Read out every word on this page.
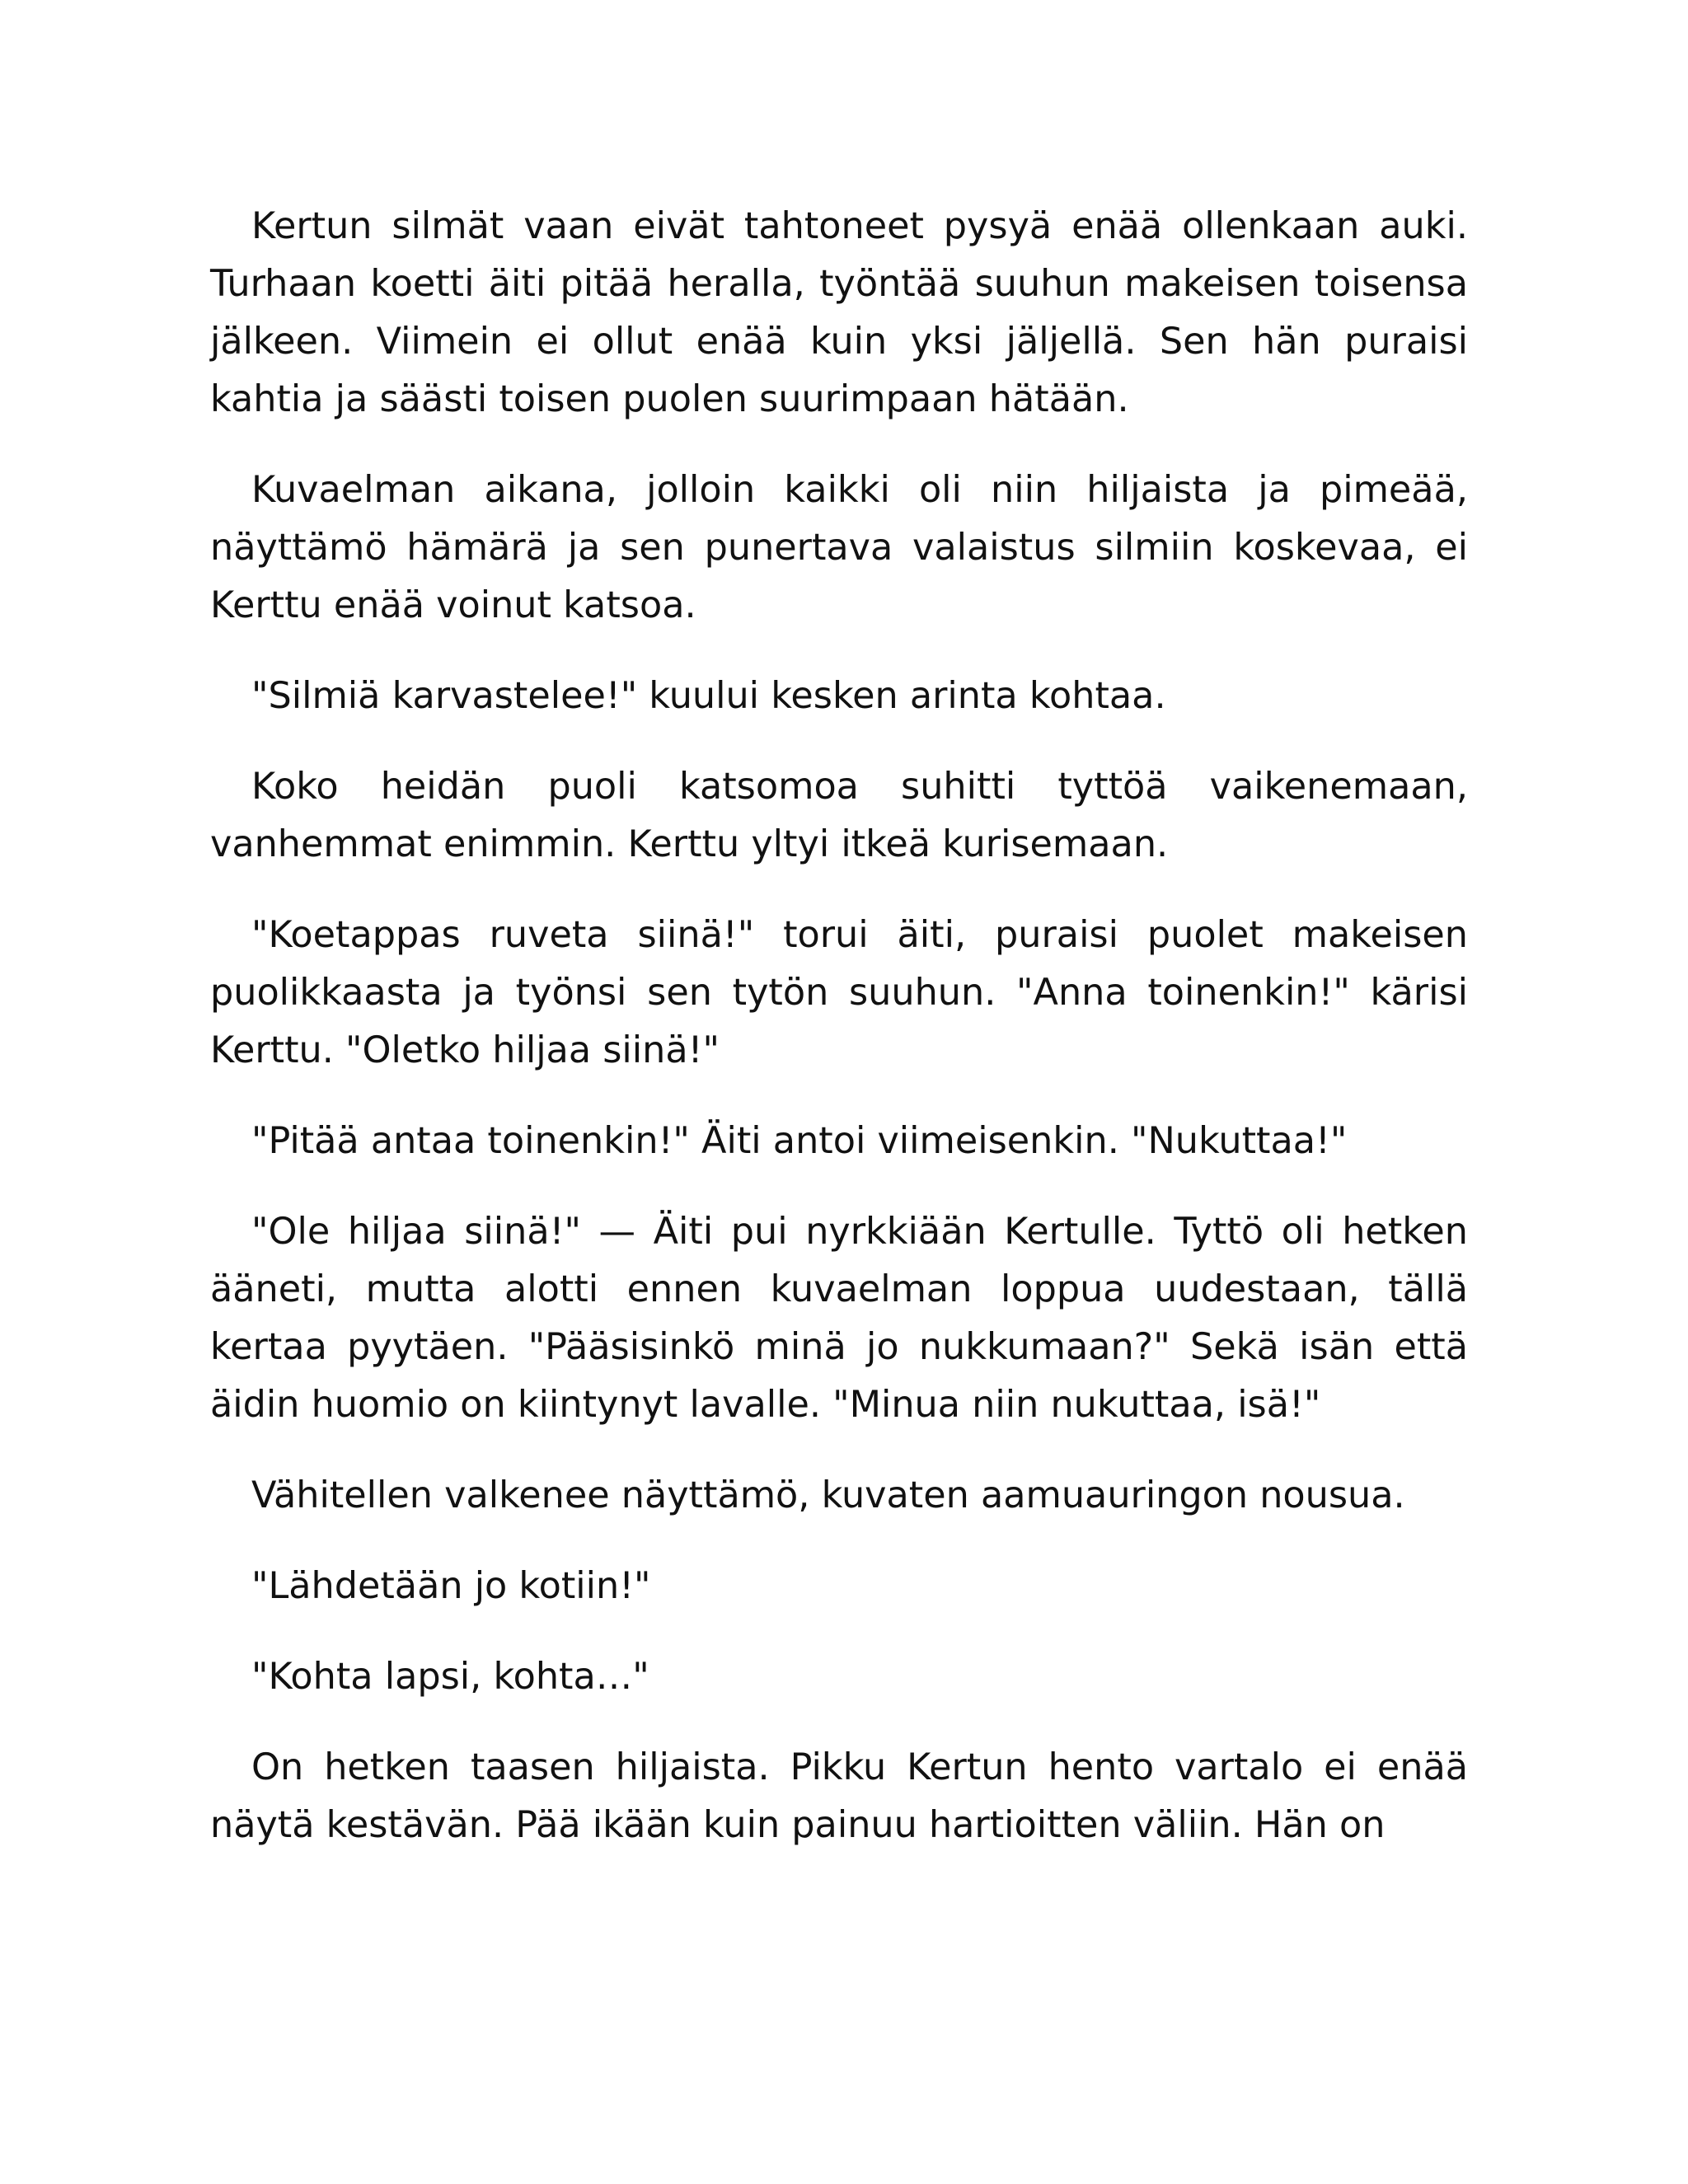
Kertun silmät vaan eivät tahtoneet pysyä enää ollenkaan auki. Turhaan koetti äiti pitää heralla, työntää suuhun makeisen toisensa jälkeen. Viimein ei ollut enää kuin yksi jäljellä. Sen hän puraisi kahtia ja säästi toisen puolen suurimpaan hätään.

Kuvaelman aikana, jolloin kaikki oli niin hiljaista ja pimeää, näyttämö hämärä ja sen punertava valaistus silmiin koskevaa, ei Kerttu enää voinut katsoa.

"Silmiä karvastelee!" kuului kesken arinta kohtaa.

Koko heidän puoli katsomoa suhitti tyttöä vaikenemaan, vanhemmat enimmin. Kerttu yltyi itkeä kurisemaan.

"Koetappas ruveta siinä!" torui äiti, puraisi puolet makeisen puolikkaasta ja työnsi sen tytön suuhun. "Anna toinenkin!" kärisi Kerttu. "Oletko hiljaa siinä!"

"Pitää antaa toinenkin!" Äiti antoi viimeisenkin. "Nukuttaa!"

"Ole hiljaa siinä!" — Äiti pui nyrkkiään Kertulle. Tyttö oli hetken ääneti, mutta alotti ennen kuvaelman loppua uudestaan, tällä kertaa pyytäen. "Pääsisinkö minä jo nukkumaan?" Sekä isän että äidin huomio on kiintynyt lavalle. "Minua niin nukuttaa, isä!"

Vähitellen valkenee näyttämö, kuvaten aamuauringon nousua.

"Lähdetään jo kotiin!"

"Kohta lapsi, kohta…"

On hetken taasen hiljaista. Pikku Kertun hento vartalo ei enää näytä kestävän. Pää ikään kuin painuu hartioitten väliin. Hän on
